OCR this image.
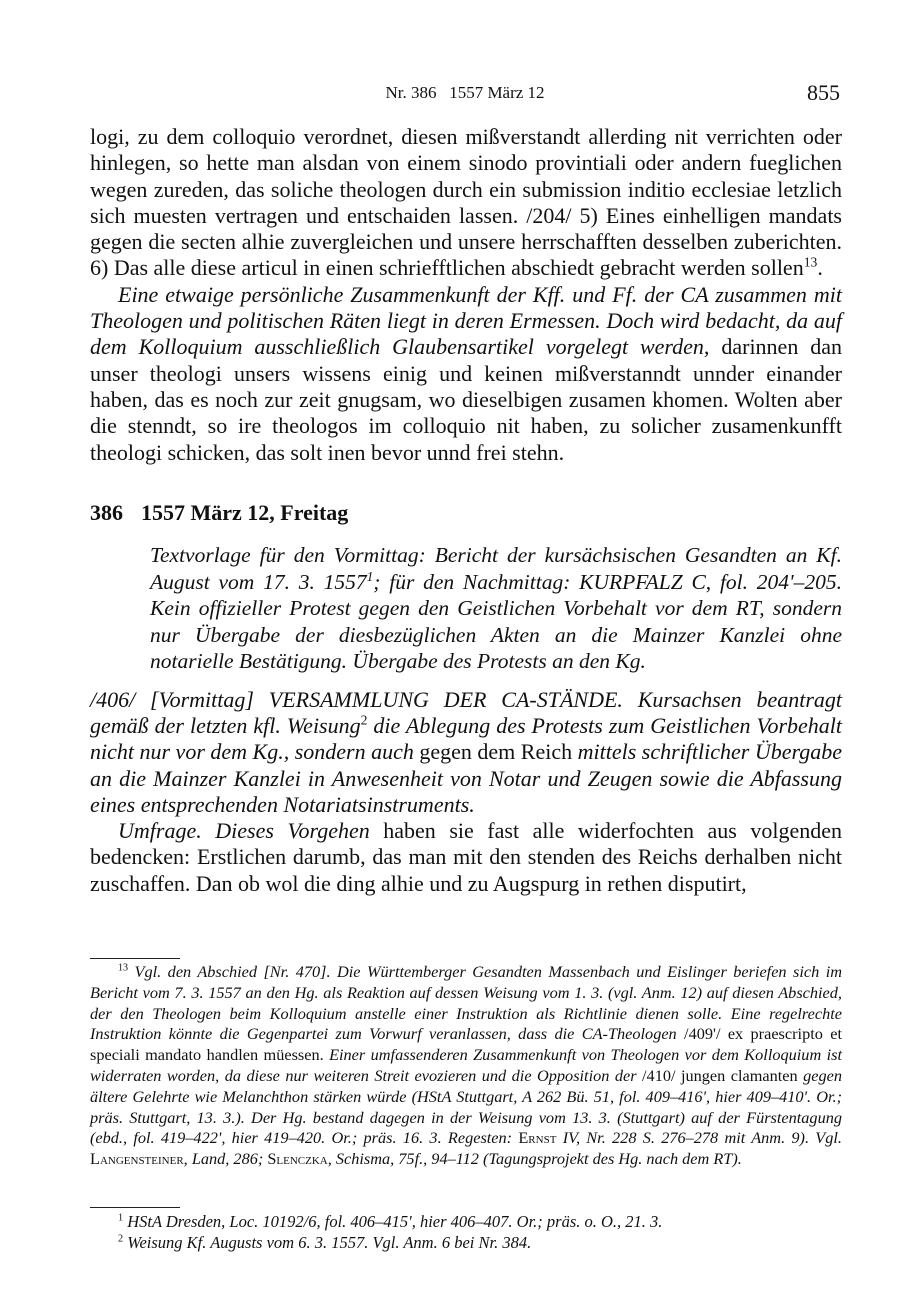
Nr. 386   1557 März 12	855

logi, zu dem colloquio verordnet, diesen mißverstandt allerding nit verrichten oder hinlegen, so hette man alsdan von einem sinodo provintiali oder andern fueglichen wegen zureden, das soliche theologen durch ein submission inditio ecclesiae letzlich sich muesten vertragen und entschaiden lassen. /204/ 5) Eines einhelligen mandats gegen die secten alhie zuvergleichen und unsere herrschafften desselben zuberichten. 6) Das alle diese articul in einen schriefftlichen abschiedt gebracht werden sollen$^{13}$.

Eine etwaige persönliche Zusammenkunft der Kff. und Ff. der CA zusammen mit Theologen und politischen Räten liegt in deren Ermessen. Doch wird bedacht, da auf dem Kolloquium ausschließlich Glaubensartikel vorgelegt werden, darinnen dan unser theologi unsers wissens einig und keinen mißverstanndt unnder einander haben, das es noch zur zeit gnugsam, wo dieselbigen zusamen khomen. Wolten aber die stenndt, so ire theologos im colloquio nit haben, zu solicher zusamenkunfft theologi schicken, das solt inen bevor unnd frei stehn.

386 1557 März 12, Freitag

Textvorlage für den Vormittag: Bericht der kursächsischen Gesandten an Kf. August vom 17. 3. 1557$^1$; für den Nachmittag: KURPFALZ C, fol. 204'–205. Kein offizieller Protest gegen den Geistlichen Vorbehalt vor dem RT, sondern nur Übergabe der diesbezüglichen Akten an die Mainzer Kanzlei ohne notarielle Bestätigung. Übergabe des Protests an den Kg.

/406/ [Vormittag] VERSAMMLUNG DER CA-STÄNDE. Kursachsen beantragt gemäß der letzten kfl. Weisung$^2$ die Ablegung des Protests zum Geistlichen Vorbehalt nicht nur vor dem Kg., sondern auch gegen dem Reich mittels schriftlicher Übergabe an die Mainzer Kanzlei in Anwesenheit von Notar und Zeugen sowie die Abfassung eines entsprechenden Notariatsinstruments.

Umfrage. Dieses Vorgehen haben sie fast alle widerfochten aus volgenden bedencken: Erstlichen darumb, das man mit den stenden des Reichs derhalben nicht zuschaffen. Dan ob wol die ding alhie und zu Augspurg in rethen disputirt,

$^{13}$ Vgl. den Abschied [Nr. 470]. Die Württemberger Gesandten Massenbach und Eislinger beriefen sich im Bericht vom 7. 3. 1557 an den Hg. als Reaktion auf dessen Weisung vom 1. 3. (vgl. Anm. 12) auf diesen Abschied, der den Theologen beim Kolloquium anstelle einer Instruktion als Richtlinie dienen solle. Eine regelrechte Instruktion könnte die Gegenpartei zum Vorwurf veranlassen, dass die CA-Theologen /409'/ ex praescripto et speciali mandato handlen müessen. Einer umfassenderen Zusammenkunft von Theologen vor dem Kolloquium ist widerraten worden, da diese nur weiteren Streit evozieren und die Opposition der /410/ jungen clamanten gegen ältere Gelehrte wie Melanchthon stärken würde (HStA Stuttgart, A 262 Bü. 51, fol. 409–416', hier 409–410'. Or.; präs. Stuttgart, 13. 3.). Der Hg. bestand dagegen in der Weisung vom 13. 3. (Stuttgart) auf der Fürstentagung (ebd., fol. 419–422', hier 419–420. Or.; präs. 16. 3. Regesten: Ernst IV, Nr. 228 S. 276–278 mit Anm. 9). Vgl. Langensteiner, Land, 286; Slenczka, Schisma, 75f., 94–112 (Tagungsprojekt des Hg. nach dem RT).

$^1$ HStA Dresden, Loc. 10192/6, fol. 406–415', hier 406–407. Or.; präs. o. O., 21. 3.

$^2$ Weisung Kf. Augusts vom 6. 3. 1557. Vgl. Anm. 6 bei Nr. 384.
